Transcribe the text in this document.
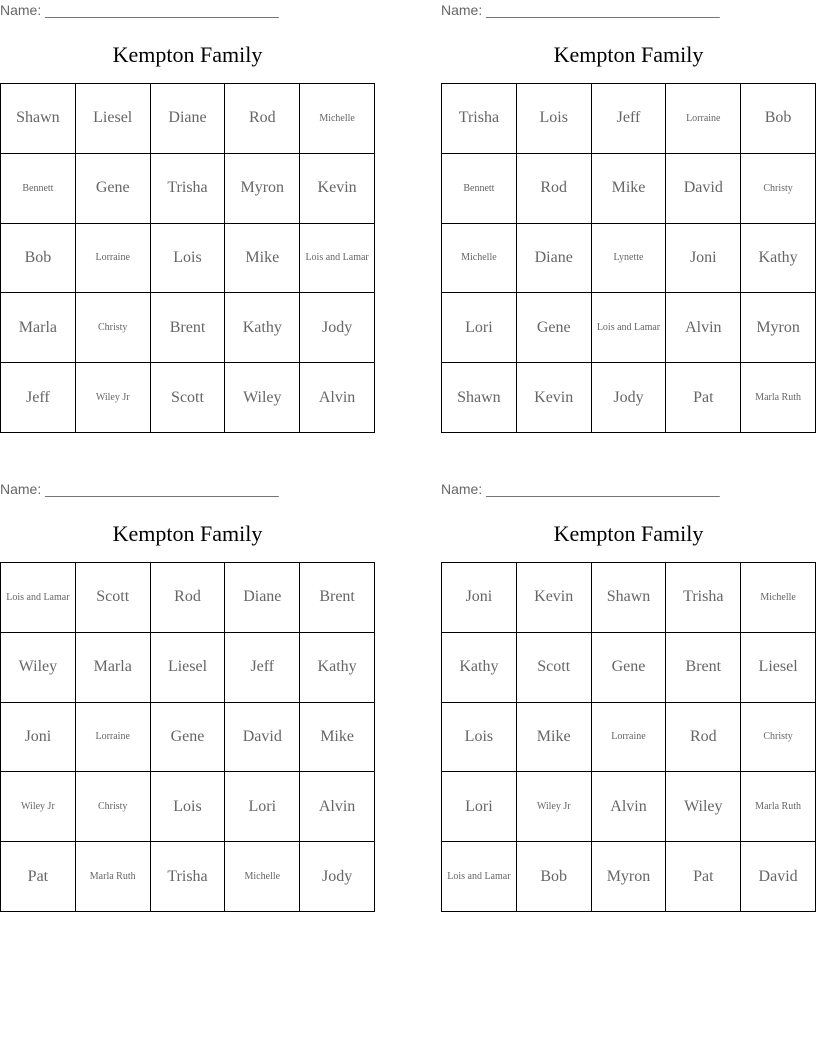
Name: ______________________________
Kempton Family
Shawn	Liesel	Diane	Rod	Michelle
Bennett	Gene	Trisha	Myron	Kevin
Bob	Lorraine	Lois	Mike	Lois and Lamar
Marla	Christy	Brent	Kathy	Jody
Jeff	Wiley Jr	Scott	Wiley	Alvin
Name: ______________________________
Kempton Family
Trisha	Lois	Jeff	Lorraine	Bob
Bennett	Rod	Mike	David	Christy
Michelle	Diane	Lynette	Joni	Kathy
Lori	Gene	Lois and Lamar	Alvin	Myron
Shawn	Kevin	Jody	Pat	Marla Ruth
Name: ______________________________
Kempton Family
Lois and Lamar	Scott	Rod	Diane	Brent
Wiley	Marla	Liesel	Jeff	Kathy
Joni	Lorraine	Gene	David	Mike
Wiley Jr	Christy	Lois	Lori	Alvin
Pat	Marla Ruth	Trisha	Michelle	Jody
Name: ______________________________
Kempton Family
Joni	Kevin	Shawn	Trisha	Michelle
Kathy	Scott	Gene	Brent	Liesel
Lois	Mike	Lorraine	Rod	Christy
Lori	Wiley Jr	Alvin	Wiley	Marla Ruth
Lois and Lamar	Bob	Myron	Pat	David
